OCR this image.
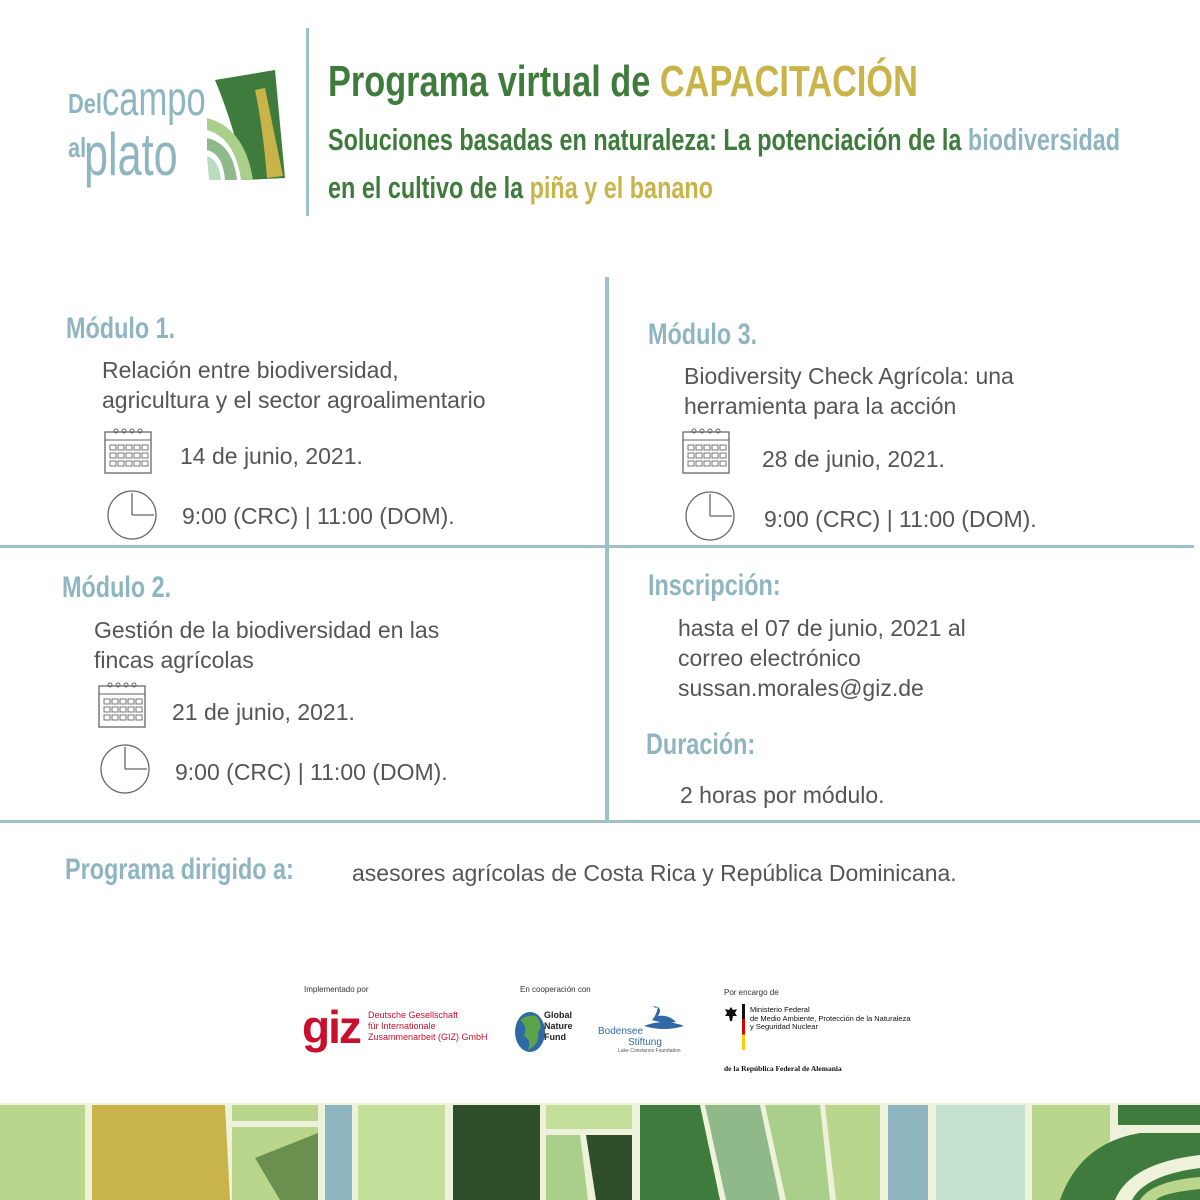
Del campo
al
plato
Programa virtual de CAPACITACIÓN
Soluciones basadas en naturaleza: La potenciación de la biodiversidad
en el cultivo de la piña y el banano
Módulo 1.
Relación entre biodiversidad,
agricultura y el sector agroalimentario
14 de junio, 2021.
9:00 (CRC) | 11:00 (DOM).
Módulo 3.
Biodiversity Check Agrícola: una
herramienta para la acción
28 de junio, 2021.
9:00 (CRC) | 11:00 (DOM).
Módulo 2.
Gestión de la biodiversidad en las
fincas agrícolas
21 de junio, 2021.
9:00 (CRC) | 11:00 (DOM).
Inscripción:
hasta el 07 de junio, 2021 al
correo electrónico
sussan.morales@giz.de
Duración:
2 horas por módulo.
Programa dirigido a:	asesores agrícolas de Costa Rica y República Dominicana.
Implementado por
giz Deutsche Gesellschaft
für Internationale
Zusammenarbeit (GIZ) GmbH
En cooperación con
Global
Nature
Fund	Bodensee
Stiftung
Lake Constance Foundation
Por encargo de
Ministerio Federal
de Medio Ambiente, Protección de la Naturaleza
y Seguridad Nuclear
de la República Federal de Alemania
